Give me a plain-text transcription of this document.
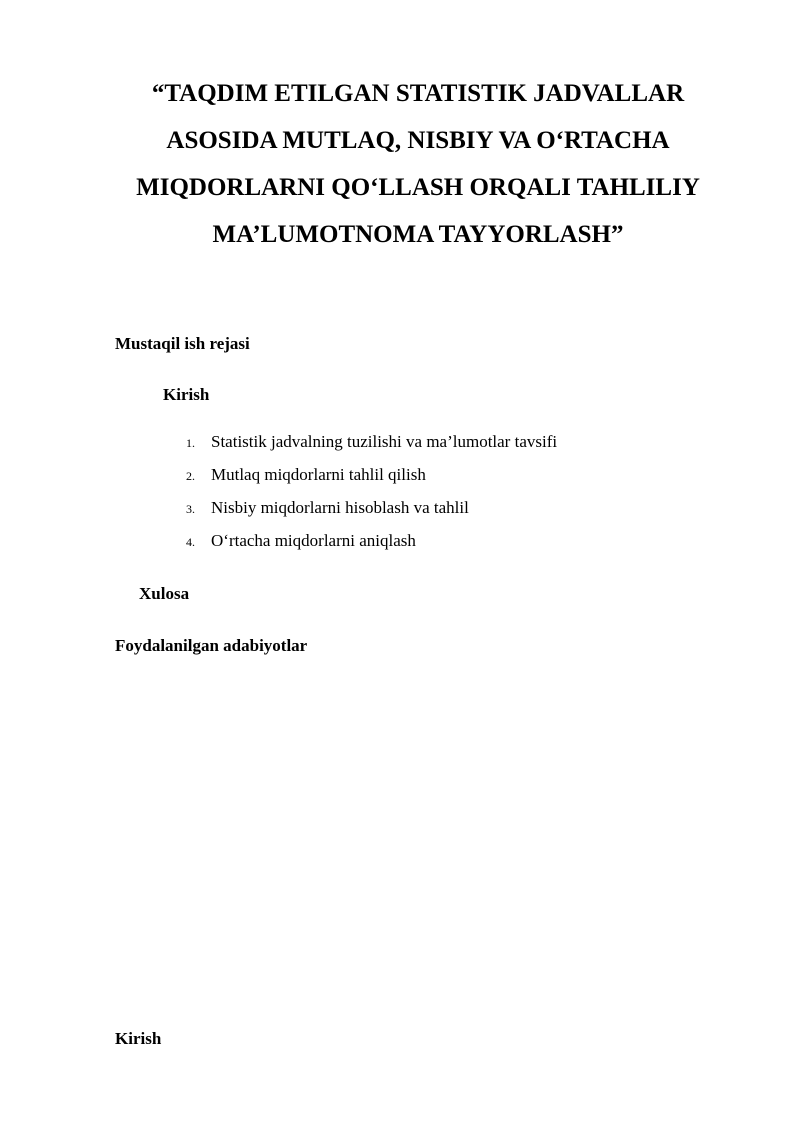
“TAQDIM ETILGAN STATISTIK JADVALLAR
ASOSIDA MUTLAQ, NISBIY VA O‘RTACHA
MIQDORLARNI QO‘LLASH ORQALI TAHLILIY
MA’LUMOTNOMA TAYYORLASH”
Mustaqil ish rejasi
Kirish
1. Statistik jadvalning tuzilishi va ma’lumotlar tavsifi
2. Mutlaq miqdorlarni tahlil qilish
3. Nisbiy miqdorlarni hisoblash va tahlil
4. O‘rtacha miqdorlarni aniqlash
Xulosa
Foydalanilgan adabiyotlar
Kirish
